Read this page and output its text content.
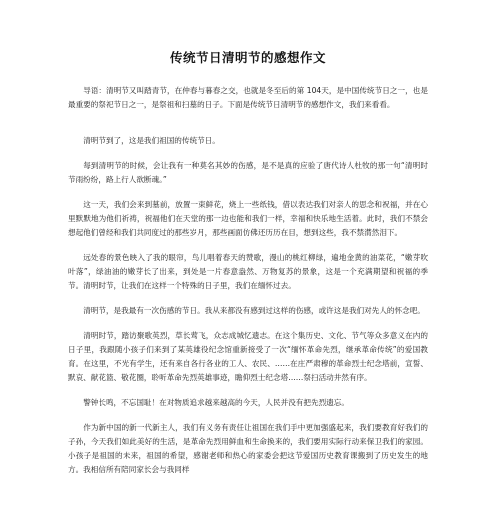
传统节日清明节的感想作文

导语：清明节又叫踏青节，在仲春与暮春之交，也就是冬至后的第 104天，是中国传统节日之一，也是最重要的祭祀节日之一，是祭祖和扫墓的日子。下面是传统节日清明节的感想作文，我们来看看。

清明节到了，这是我们祖国的传统节日。

每到清明节的时候，会让我有一种莫名其妙的伤感，是不是真的应验了唐代诗人杜牧的那一句“清明时节雨纷纷，路上行人欲断魂。”

这一天，我们会来到墓前，放置一束鲜花，烧上一些纸钱，借以表达我们对亲人的思念和祝福，并在心里默默地为他们祈祷，祝福他们在天堂的那一边也能和我们一样，幸福和快乐地生活着。此时，我们不禁会想起他们曾经和我们共同度过的那些岁月，那些画面仿佛还历历在目，想到这些，我不禁潸然泪下。

远处春的景色映入了我的眼帘，鸟儿唱着春天的赞歌，漫山的桃红柳绿，遍地金黄的油菜花，“嫩芽吹叶落”，绿油油的嫩芽长了出来，到处是一片春意盎然、万物复苏的景象，这是一个充满期望和祝福的季节。清明时节，让我们在这样一个特殊的日子里，我们在缅怀过去。

清明节，是我最有一次伤感的节日。我从来都没有感到过这样的伤感，或许这是我们对先人的怀念吧。

清明时节，踏访聚歌英烈，草长莺飞，众志成城忆遗志。在这个集历史、文化、节气等众多意义在内的日子里，我跟随小孩子们来到了某英雄役纪念馆重新接受了一次“缅怀革命先烈，继承革命传统”的爱国教育。在这里，不光有学生，还有来自各行各业的工人、农民、……在庄严肃穆的革命烈士纪念塔前，宣誓、默哀、献花篮、敬花圈，聆听革命先烈英雄事迹，瞻仰烈士纪念塔……祭扫活动井然有序。

警钟长鸣，不忘国耻！在对物质追求越来越高的今天，人民并没有把先烈遗忘。

作为新中国的新一代新主人，我们有义务有责任让祖国在我们手中更加强盛起来，我们要教育好我们的子孙，今天我们如此美好的生活，是革命先烈用鲜血和生命换来的，我们要用实际行动来保卫我们的家园。小孩子是祖国的未来，祖国的希望，感谢老师和热心的家委会把这节爱国历史教育课搬到了历史发生的地方。我相信所有陪同家长会与我同样
